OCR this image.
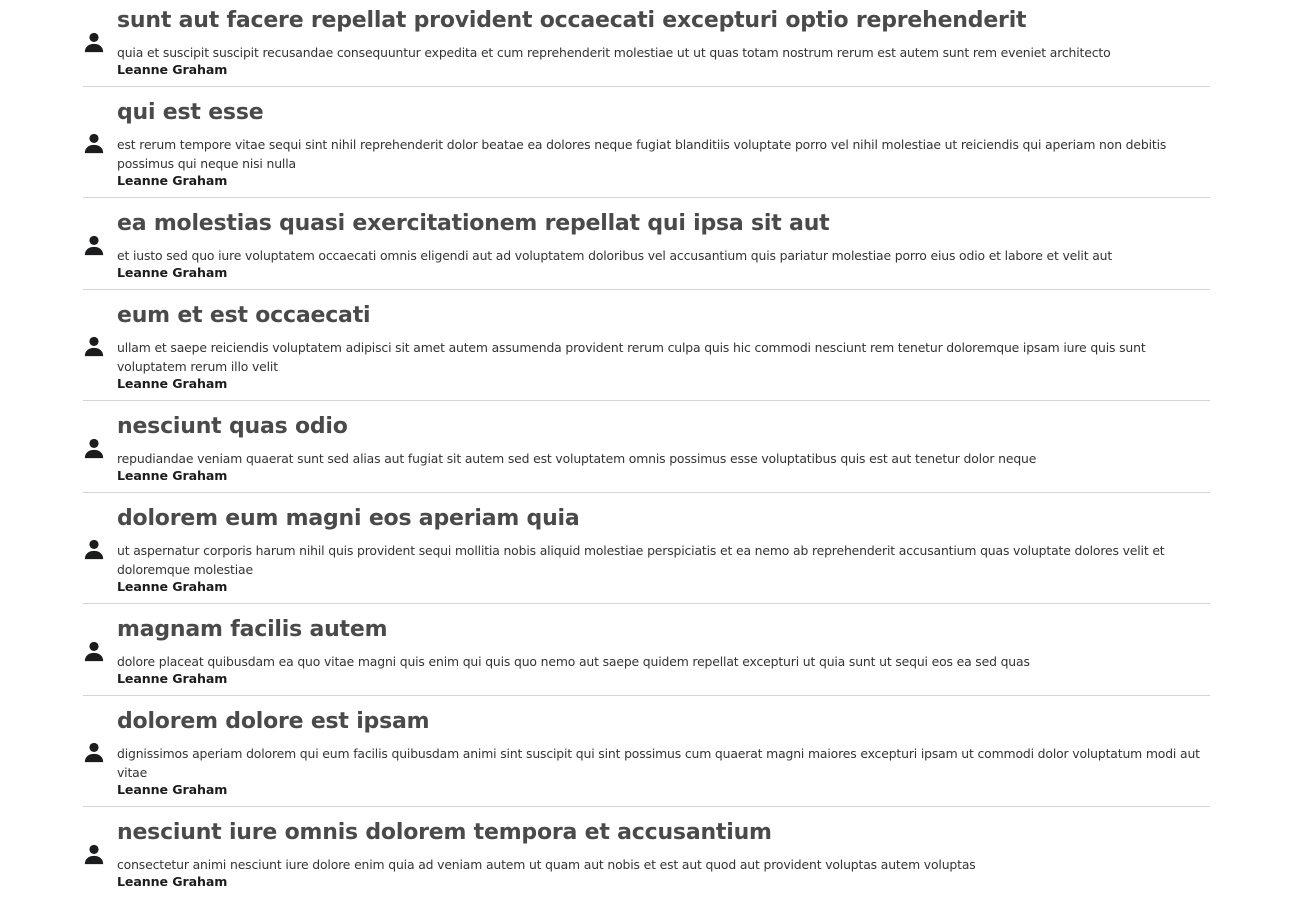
sunt aut facere repellat provident occaecati excepturi optio reprehenderit
quia et suscipit suscipit recusandae consequuntur expedita et cum reprehenderit molestiae ut ut quas totam nostrum rerum est autem sunt rem eveniet architecto
Leanne Graham
qui est esse
est rerum tempore vitae sequi sint nihil reprehenderit dolor beatae ea dolores neque fugiat blanditiis voluptate porro vel nihil molestiae ut reiciendis qui aperiam non debitis possimus qui neque nisi nulla
Leanne Graham
ea molestias quasi exercitationem repellat qui ipsa sit aut
et iusto sed quo iure voluptatem occaecati omnis eligendi aut ad voluptatem doloribus vel accusantium quis pariatur molestiae porro eius odio et labore et velit aut
Leanne Graham
eum et est occaecati
ullam et saepe reiciendis voluptatem adipisci sit amet autem assumenda provident rerum culpa quis hic commodi nesciunt rem tenetur doloremque ipsam iure quis sunt voluptatem rerum illo velit
Leanne Graham
nesciunt quas odio
repudiandae veniam quaerat sunt sed alias aut fugiat sit autem sed est voluptatem omnis possimus esse voluptatibus quis est aut tenetur dolor neque
Leanne Graham
dolorem eum magni eos aperiam quia
ut aspernatur corporis harum nihil quis provident sequi mollitia nobis aliquid molestiae perspiciatis et ea nemo ab reprehenderit accusantium quas voluptate dolores velit et doloremque molestiae
Leanne Graham
magnam facilis autem
dolore placeat quibusdam ea quo vitae magni quis enim qui quis quo nemo aut saepe quidem repellat excepturi ut quia sunt ut sequi eos ea sed quas
Leanne Graham
dolorem dolore est ipsam
dignissimos aperiam dolorem qui eum facilis quibusdam animi sint suscipit qui sint possimus cum quaerat magni maiores excepturi ipsam ut commodi dolor voluptatum modi aut vitae
Leanne Graham
nesciunt iure omnis dolorem tempora et accusantium
consectetur animi nesciunt iure dolore enim quia ad veniam autem ut quam aut nobis et est aut quod aut provident voluptas autem voluptas
Leanne Graham
